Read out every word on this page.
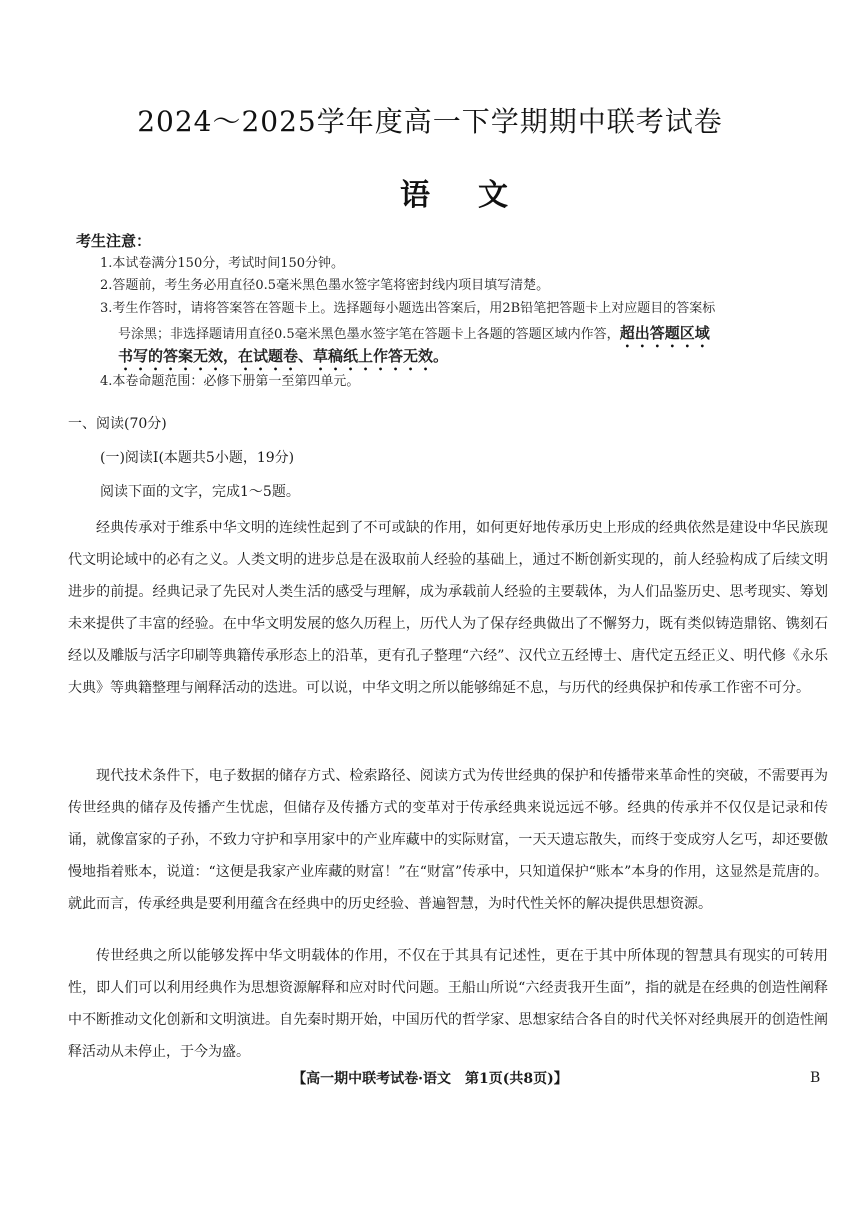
2024～2025学年度高一下学期期中联考试卷
语文
考生注意：
1.本试卷满分150分，考试时间150分钟。
2.答题前，考生务必用直径0.5毫米黑色墨水签字笔将密封线内项目填写清楚。
3.考生作答时，请将答案答在答题卡上。选择题每小题选出答案后，用2B铅笔把答题卡上对应题目的答案标
号涂黑；非选择题请用直径0.5毫米黑色墨水签字笔在答题卡上各题的答题区域内作答，超出答题区域
书写的答案无效，在试题卷、草稿纸上作答无效。
4.本卷命题范围：必修下册第一至第四单元。
一、阅读(70分)
(一)阅读Ⅰ(本题共5小题，19分)
阅读下面的文字，完成1～5题。
经典传承对于维系中华文明的连续性起到了不可或缺的作用，如何更好地传承历史上形成的经典依然是建设中华民族现代文明论域中的必有之义。人类文明的进步总是在汲取前人经验的基础上，通过不断创新实现的，前人经验构成了后续文明进步的前提。经典记录了先民对人类生活的感受与理解，成为承载前人经验的主要载体，为人们品鉴历史、思考现实、筹划未来提供了丰富的经验。在中华文明发展的悠久历程上，历代人为了保存经典做出了不懈努力，既有类似铸造鼎铭、镌刻石经以及雕版与活字印刷等典籍传承形态上的沿革，更有孔子整理“六经”、汉代立五经博士、唐代定五经正义、明代修《永乐大典》等典籍整理与阐释活动的迭进。可以说，中华文明之所以能够绵延不息，与历代的经典保护和传承工作密不可分。
现代技术条件下，电子数据的储存方式、检索路径、阅读方式为传世经典的保护和传播带来革命性的突破，不需要再为传世经典的储存及传播产生忧虑，但储存及传播方式的变革对于传承经典来说远远不够。经典的传承并不仅仅是记录和传诵，就像富家的子孙，不致力守护和享用家中的产业库藏中的实际财富，一天天遗忘散失，而终于变成穷人乞丐，却还要傲慢地指着账本，说道：“这便是我家产业库藏的财富！”在“财富”传承中，只知道保护“账本”本身的作用，这显然是荒唐的。就此而言，传承经典是要利用蕴含在经典中的历史经验、普遍智慧，为时代性关怀的解决提供思想资源。
传世经典之所以能够发挥中华文明载体的作用，不仅在于其具有记述性，更在于其中所体现的智慧具有现实的可转用性，即人们可以利用经典作为思想资源解释和应对时代问题。王船山所说“六经责我开生面”，指的就是在经典的创造性阐释中不断推动文化创新和文明演进。自先秦时期开始，中国历代的哲学家、思想家结合各自的时代关怀对经典展开的创造性阐释活动从未停止，于今为盛。
【高一期中联考试卷·语文　第1页(共8页)】	B
